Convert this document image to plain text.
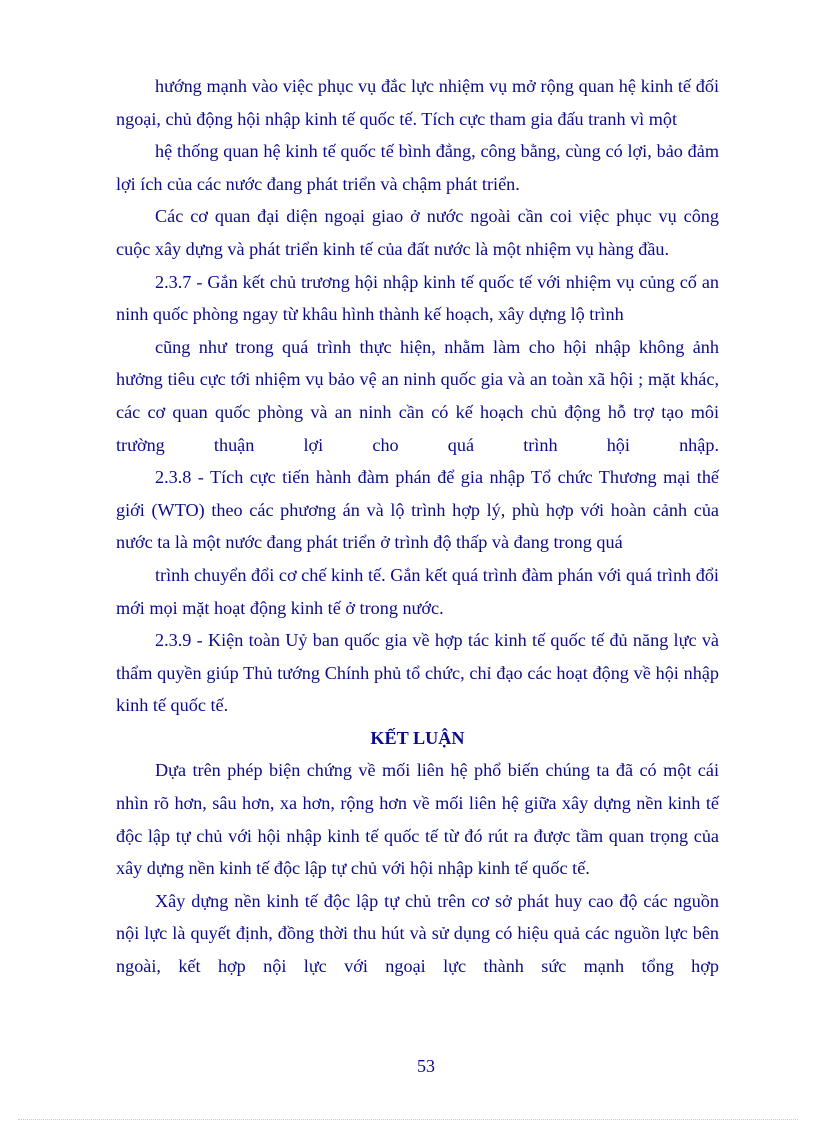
hướng mạnh vào việc phục vụ đắc lực nhiệm vụ mở rộng quan hệ kinh tế đối ngoại, chủ động hội nhập kinh tế quốc tế. Tích cực tham gia đấu tranh vì một

hệ thống quan hệ kinh tế quốc tế bình đẳng, công bằng, cùng có lợi, bảo đảm lợi ích của các nước đang phát triển và chậm phát triển.

Các cơ quan đại diện ngoại giao ở nước ngoài cần coi việc phục vụ công cuộc xây dựng và phát triển kinh tế của đất nước là một nhiệm vụ hàng đầu.

2.3.7 - Gắn kết chủ trương hội nhập kinh tế quốc tế với nhiệm vụ củng cố an ninh quốc phòng ngay từ khâu hình thành kế hoạch, xây dựng lộ trình

cũng như trong quá trình thực hiện, nhằm làm cho hội nhập không ảnh hưởng tiêu cực tới nhiệm vụ bảo vệ an ninh quốc gia và an toàn xã hội ; mặt khác, các cơ quan quốc phòng và an ninh cần có kế hoạch chủ động hỗ trợ tạo môi trường thuận lợi cho quá trình hội nhập.

2.3.8 - Tích cực tiến hành đàm phán để gia nhập Tổ chức Thương mại thế giới (WTO) theo các phương án và lộ trình hợp lý, phù hợp với hoàn cảnh của nước ta là một nước đang phát triển ở trình độ thấp và đang trong quá

trình chuyển đổi cơ chế kinh tế. Gắn kết quá trình đàm phán với quá trình đổi mới mọi mặt hoạt động kinh tế ở trong nước.

2.3.9 - Kiện toàn Uỷ ban quốc gia về hợp tác kinh tế quốc tế đủ năng lực và thẩm quyền giúp Thủ tướng Chính phủ tổ chức, chỉ đạo các hoạt động về hội nhập kinh tế quốc tế.

KẾT LUẬN

Dựa trên phép biện chứng về mối liên hệ phổ biến chúng ta đã có một cái nhìn rõ hơn, sâu hơn, xa hơn, rộng hơn về mối liên hệ giữa xây dựng nền kinh tế độc lập tự chủ với hội nhập kinh tế quốc tế từ đó rút ra được tầm quan trọng của xây dựng nền kinh tế độc lập tự chủ với hội nhập kinh tế quốc tế.

Xây dựng nền kinh tế độc lập tự chủ trên cơ sở phát huy cao độ các nguồn nội lực là quyết định, đồng thời thu hút và sử dụng có hiệu quả các nguồn lực bên ngoài, kết hợp nội lực với ngoại lực thành sức mạnh tổng hợp

53
